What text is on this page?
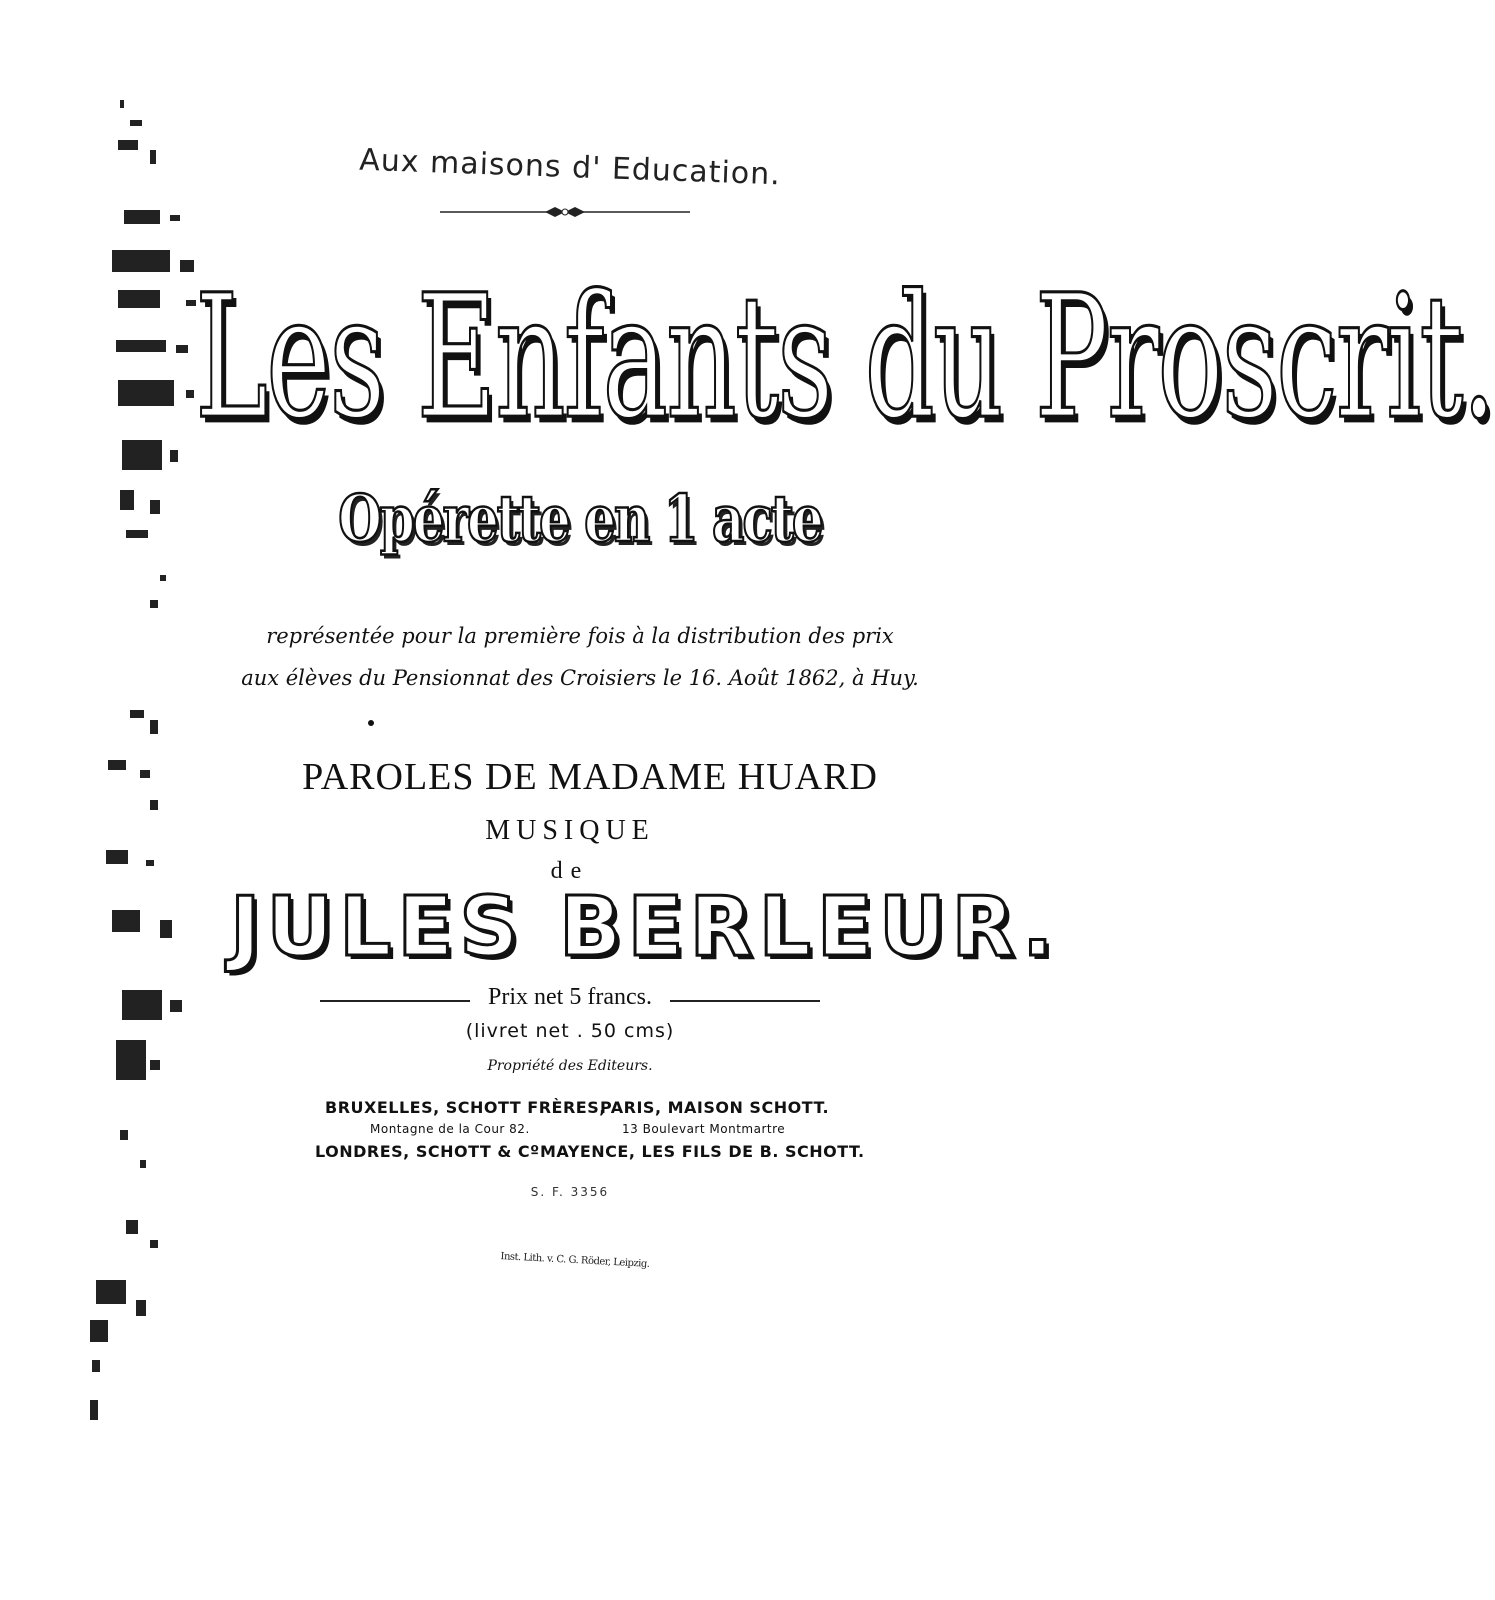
Aux maisons d' Education.
Les Enfants du Proscrit.
Opérette en 1 acte
représentée pour la première fois à la distribution des prix
aux élèves du Pensionnat des Croisiers le 16. Août 1862, à Huy.
PAROLES DE MADAME HUARD
MUSIQUE
de
JULES BERLEUR.
Prix net 5 francs.
(livret net . 50 cms)
Propriété des Editeurs.
BRUXELLES, SCHOTT FRÈRES,
PARIS, MAISON SCHOTT.
Montagne de la Cour 82.	13 Boulevart Montmartre
LONDRES, SCHOTT & Cº MAYENCE, LES FILS DE B. SCHOTT.
S. F. 3356
Inst. Lith. v. C. G. Röder, Leipzig.
